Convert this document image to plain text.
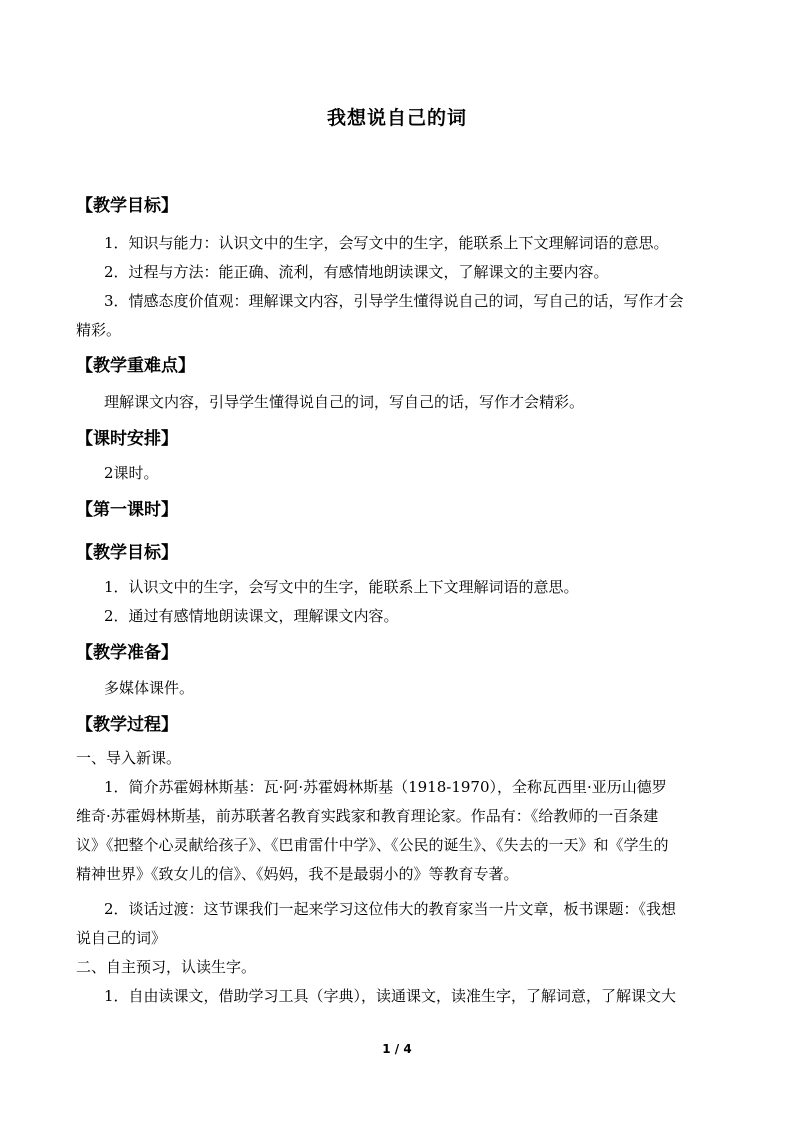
我想说自己的词
【教学目标】
1．知识与能力：认识文中的生字，会写文中的生字，能联系上下文理解词语的意思。
2．过程与方法：能正确、流利，有感情地朗读课文，了解课文的主要内容。
3．情感态度价值观：理解课文内容，引导学生懂得说自己的词，写自己的话，写作才会
精彩。
【教学重难点】
理解课文内容，引导学生懂得说自己的词，写自己的话，写作才会精彩。
【课时安排】
2课时。
【第一课时】
【教学目标】
1．认识文中的生字，会写文中的生字，能联系上下文理解词语的意思。
2．通过有感情地朗读课文，理解课文内容。
【教学准备】
多媒体课件。
【教学过程】
一、导入新课。
1．简介苏霍姆林斯基：瓦·阿·苏霍姆林斯基（1918-1970），全称瓦西里·亚历山德罗
维奇·苏霍姆林斯基，前苏联著名教育实践家和教育理论家。作品有：《给教师的一百条建
议》《把整个心灵献给孩子》、《巴甫雷什中学》、《公民的诞生》、《失去的一天》和《学生的
精神世界》《致女儿的信》、《妈妈，我不是最弱小的》等教育专著。
2．谈话过渡：这节课我们一起来学习这位伟大的教育家当一片文章，板书课题：《我想
说自己的词》
二、自主预习，认读生字。
1．自由读课文，借助学习工具（字典），读通课文，读准生字，了解词意，了解课文大
1 / 4
